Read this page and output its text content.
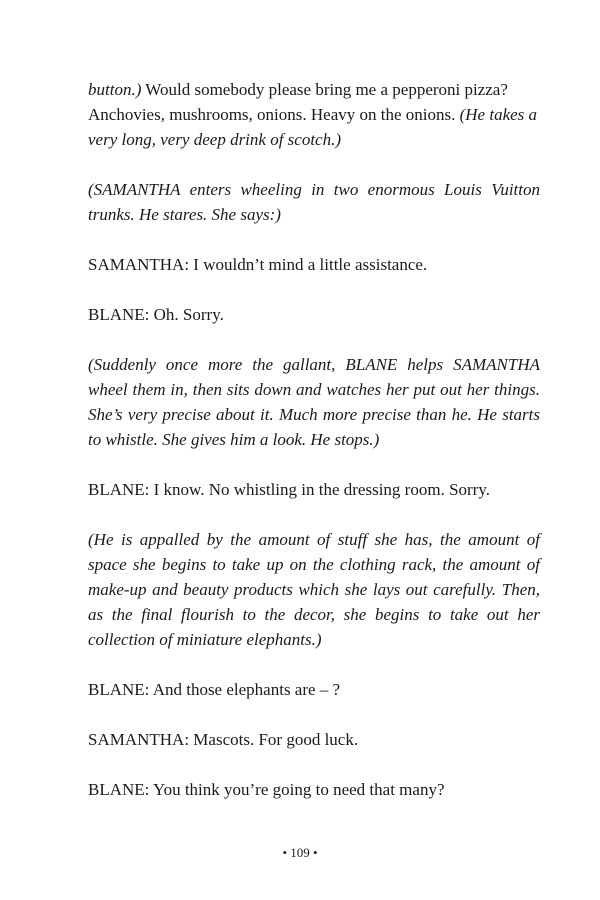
button.) Would somebody please bring me a pepperoni pizza? Anchovies, mushrooms, onions. Heavy on the onions. (He takes a very long, very deep drink of scotch.)

(SAMANTHA enters wheeling in two enormous Louis Vuitton trunks. He stares. She says:)

SAMANTHA: I wouldn’t mind a little assistance.

BLANE: Oh. Sorry.

(Suddenly once more the gallant, BLANE helps SAMANTHA wheel them in, then sits down and watches her put out her things. She’s very precise about it. Much more precise than he. He starts to whistle. She gives him a look. He stops.)

BLANE: I know. No whistling in the dressing room. Sorry.

(He is appalled by the amount of stuff she has, the amount of space she begins to take up on the clothing rack, the amount of make-up and beauty products which she lays out carefully. Then, as the final flourish to the decor, she begins to take out her collection of miniature elephants.)

BLANE: And those elephants are – ?

SAMANTHA: Mascots. For good luck.

BLANE: You think you’re going to need that many?

• 109 •
